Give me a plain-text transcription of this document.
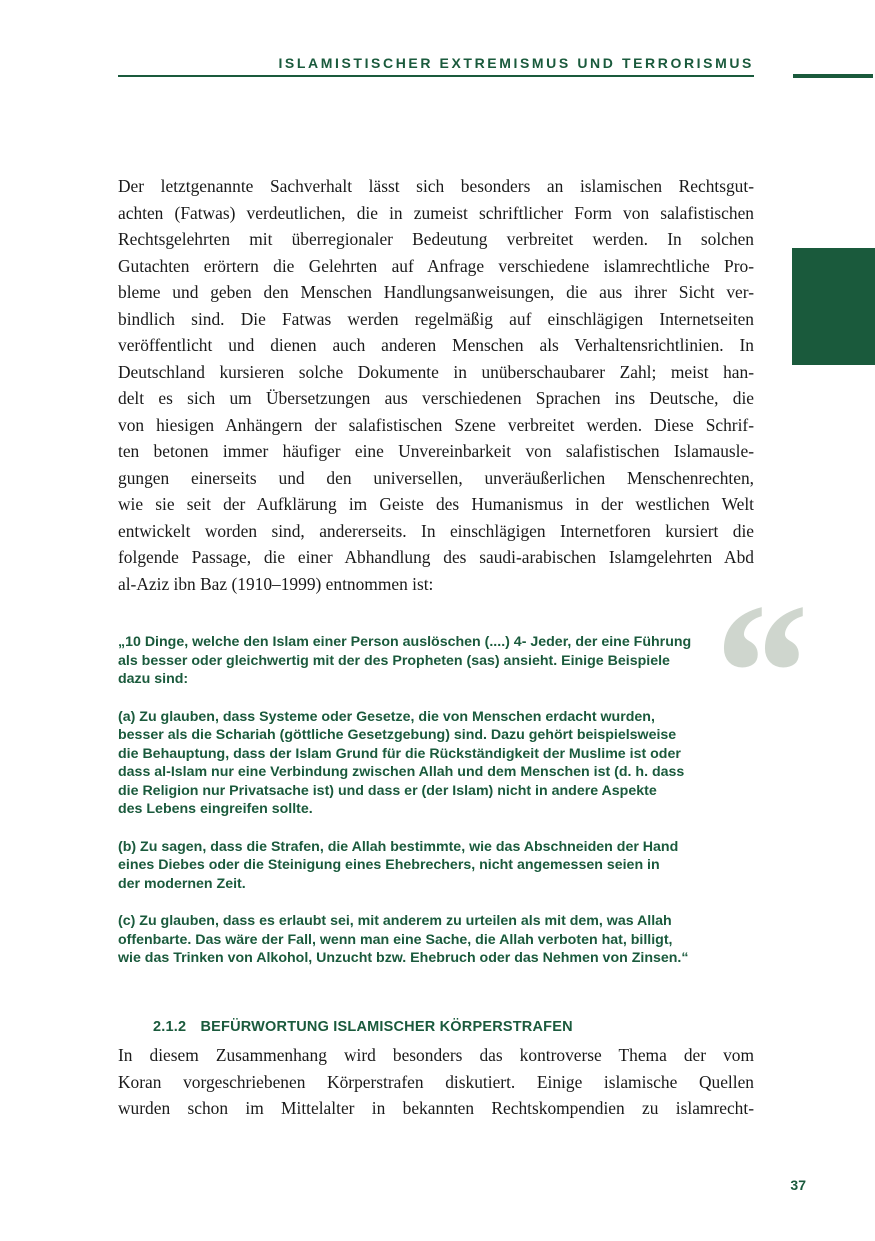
ISLAMISTISCHER EXTREMISMUS UND TERRORISMUS

Der letztgenannte Sachverhalt lässt sich besonders an islamischen Rechtsgut-
achten (Fatwas) verdeutlichen, die in zumeist schriftlicher Form von salafistischen
Rechtsgelehrten mit überregionaler Bedeutung verbreitet werden. In solchen
Gutachten erörtern die Gelehrten auf Anfrage verschiedene islamrechtliche Pro-
bleme und geben den Menschen Handlungsanweisungen, die aus ihrer Sicht ver-
bindlich sind. Die Fatwas werden regelmäßig auf einschlägigen Internetseiten
veröffentlicht und dienen auch anderen Menschen als Verhaltensrichtlinien. In
Deutschland kursieren solche Dokumente in unüberschaubarer Zahl; meist han-
delt es sich um Übersetzungen aus verschiedenen Sprachen ins Deutsche, die
von hiesigen Anhängern der salafistischen Szene verbreitet werden. Diese Schrif-
ten betonen immer häufiger eine Unvereinbarkeit von salafistischen Islamausle-
gungen einerseits und den universellen, unveräußerlichen Menschenrechten,
wie sie seit der Aufklärung im Geiste des Humanismus in der westlichen Welt
entwickelt worden sind, andererseits. In einschlägigen Internetforen kursiert die
folgende Passage, die einer Abhandlung des saudi-arabischen Islamgelehrten Abd
al-Aziz ibn Baz (1910–1999) entnommen ist:	“

„10 Dinge, welche den Islam einer Person auslöschen (....) 4- Jeder, der eine Führung
als besser oder gleichwertig mit der des Propheten (sas) ansieht. Einige Beispiele
dazu sind:

(a) Zu glauben, dass Systeme oder Gesetze, die von Menschen erdacht wurden,
besser als die Schariah (göttliche Gesetzgebung) sind. Dazu gehört beispielsweise
die Behauptung, dass der Islam Grund für die Rückständigkeit der Muslime ist oder
dass al-Islam nur eine Verbindung zwischen Allah und dem Menschen ist (d. h. dass
die Religion nur Privatsache ist) und dass er (der Islam) nicht in andere Aspekte
des Lebens eingreifen sollte.

(b) Zu sagen, dass die Strafen, die Allah bestimmte, wie das Abschneiden der Hand
eines Diebes oder die Steinigung eines Ehebrechers, nicht angemessen seien in
der modernen Zeit.

(c) Zu glauben, dass es erlaubt sei, mit anderem zu urteilen als mit dem, was Allah
offenbarte. Das wäre der Fall, wenn man eine Sache, die Allah verboten hat, billigt,
wie das Trinken von Alkohol, Unzucht bzw. Ehebruch oder das Nehmen von Zinsen.“

2.1.2 BEFÜRWORTUNG ISLAMISCHER KÖRPERSTRAFEN

In diesem Zusammenhang wird besonders das kontroverse Thema der vom
Koran vorgeschriebenen Körperstrafen diskutiert. Einige islamische Quellen
wurden schon im Mittelalter in bekannten Rechtskompendien zu islamrecht-

37
